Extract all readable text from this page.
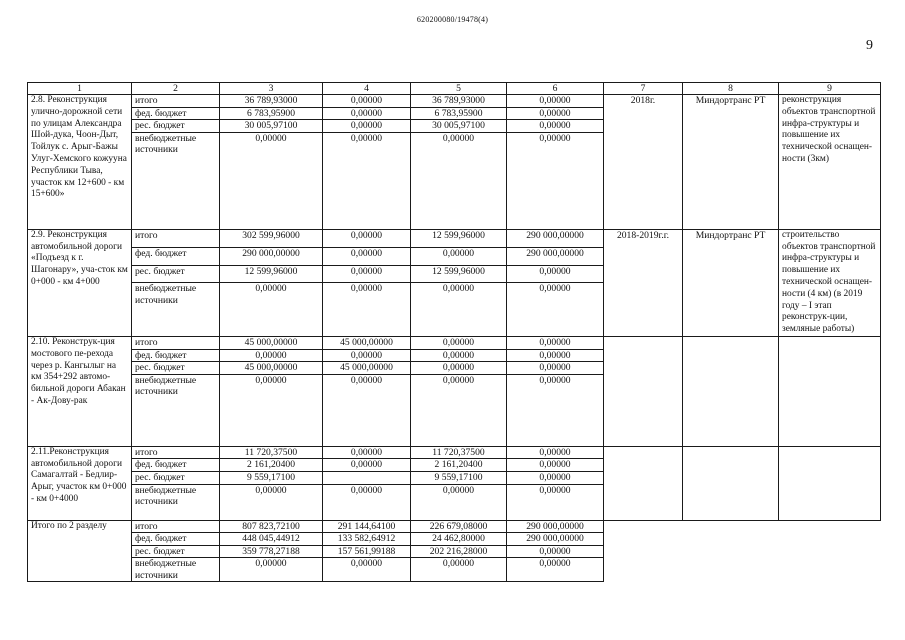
620200080/19478(4)
9
1	2	3	4	5	6	7	8	9
2.8. Реконструкция улично-дорожной сети по улицам Александра Шой-дука, Чоон-Дыт, Тойлук с. Арыг-Бажы Улуг-Хемского кожууна Республики Тыва, участок км 12+600 - км 15+600»	итого	36 789,93000	0,00000	36 789,93000	0,00000	2018г.	Миндортранс РТ	реконструкция объектов транспортной инфра-структуры и повышение их технической оснащен-ности (3км)
	фед. бюджет	6 783,95900	0,00000	6 783,95900	0,00000			
	рес. бюджет	30 005,97100	0,00000	30 005,97100	0,00000			
	внебюджетные источники	0,00000	0,00000	0,00000	0,00000			
2.9. Реконструкция автомобильной дороги «Подъезд к г. Шагонару», уча-сток км 0+000 - км 4+000	итого	302 599,96000	0,00000	12 599,96000	290 000,00000	2018-2019г.г.	Миндортранс РТ	строительство объектов транспортной инфра-структуры и повышение их технической оснащен-ности (4 км) (в 2019 году – I этап реконструк-ции, земляные работы)
	фед. бюджет	290 000,00000	0,00000	0,00000	290 000,00000			
	рес. бюджет	12 599,96000	0,00000	12 599,96000	0,00000			
	внебюджетные источники	0,00000	0,00000	0,00000	0,00000			
2.10. Реконструк-ция мостового пе-рехода через р. Кангылыг на км 354+292 автомо-бильной дороги Абакан - Ак-Дову-рак	итого	45 000,00000	45 000,00000	0,00000	0,00000			
	фед. бюджет	0,00000	0,00000	0,00000	0,00000			
	рес. бюджет	45 000,00000	45 000,00000	0,00000	0,00000			
	внебюджетные источники	0,00000	0,00000	0,00000	0,00000			
2.11.Реконструкция автомобильной дороги Самагалтай - Бедлир-Арыг, участок км 0+000 - км 0+4000	итого	11 720,37500	0,00000	11 720,37500	0,00000			
	фед. бюджет	2 161,20400	0,00000	2 161,20400	0,00000			
	рес. бюджет	9 559,17100		9 559,17100	0,00000			
	внебюджетные источники	0,00000	0,00000	0,00000	0,00000			
Итого по 2 разделу	итого	807 823,72100	291 144,64100	226 679,08000	290 000,00000			
	фед. бюджет	448 045,44912	133 582,64912	24 462,80000	290 000,00000			
	рес. бюджет	359 778,27188	157 561,99188	202 216,28000	0,00000			
	внебюджетные источники	0,00000	0,00000	0,00000	0,00000			
